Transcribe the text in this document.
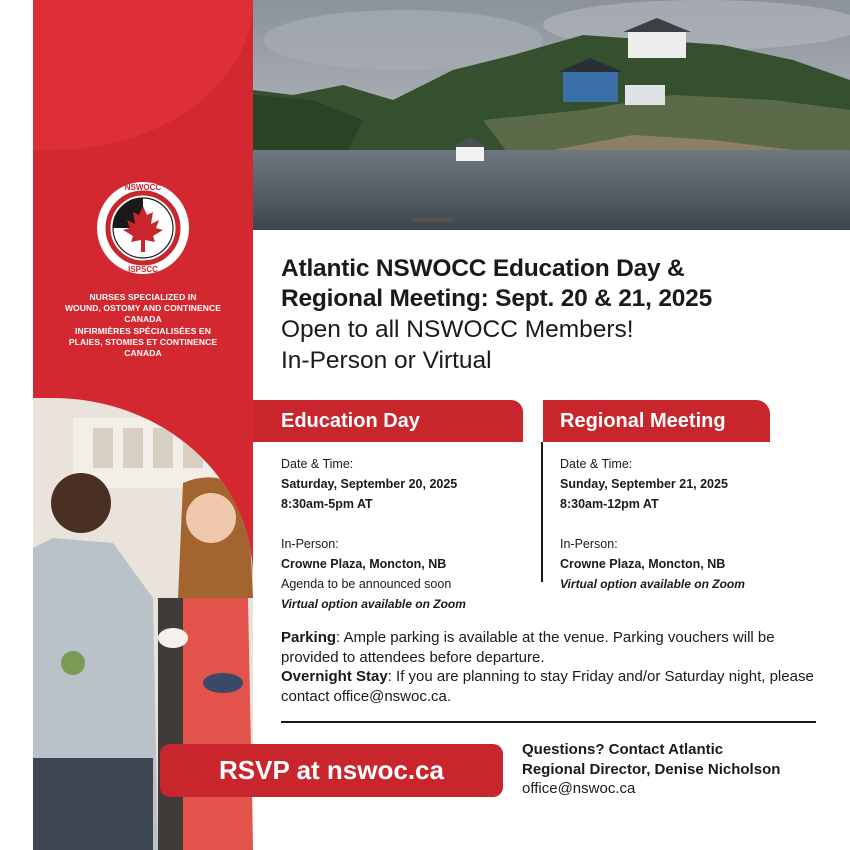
NSWOCC
ISPSCC
NURSES SPECIALIZED IN
WOUND, OSTOMY AND CONTINENCE
CANADA
INFIRMIÈRES SPÉCIALISÉES EN
PLAIES, STOMIES ET CONTINENCE
CANADA
Atlantic NSWOCC Education Day &
Regional Meeting: Sept. 20 & 21, 2025
Open to all NSWOCC Members!
In-Person or Virtual
Education Day	Regional Meeting
Date & Time:
Saturday, September 20, 2025
8:30am-5pm AT
In-Person:
Crowne Plaza, Moncton, NB
Agenda to be announced soon
Virtual option available on Zoom
Date & Time:
Sunday, September 21, 2025
8:30am-12pm AT
In-Person:
Crowne Plaza, Moncton, NB
Virtual option available on Zoom
Parking: Ample parking is available at the venue. Parking vouchers will be provided to attendees before departure.
Overnight Stay: If you are planning to stay Friday and/or Saturday night, please contact office@nswoc.ca.
RSVP at nswoc.ca
Questions? Contact Atlantic
Regional Director, Denise Nicholson
office@nswoc.ca
